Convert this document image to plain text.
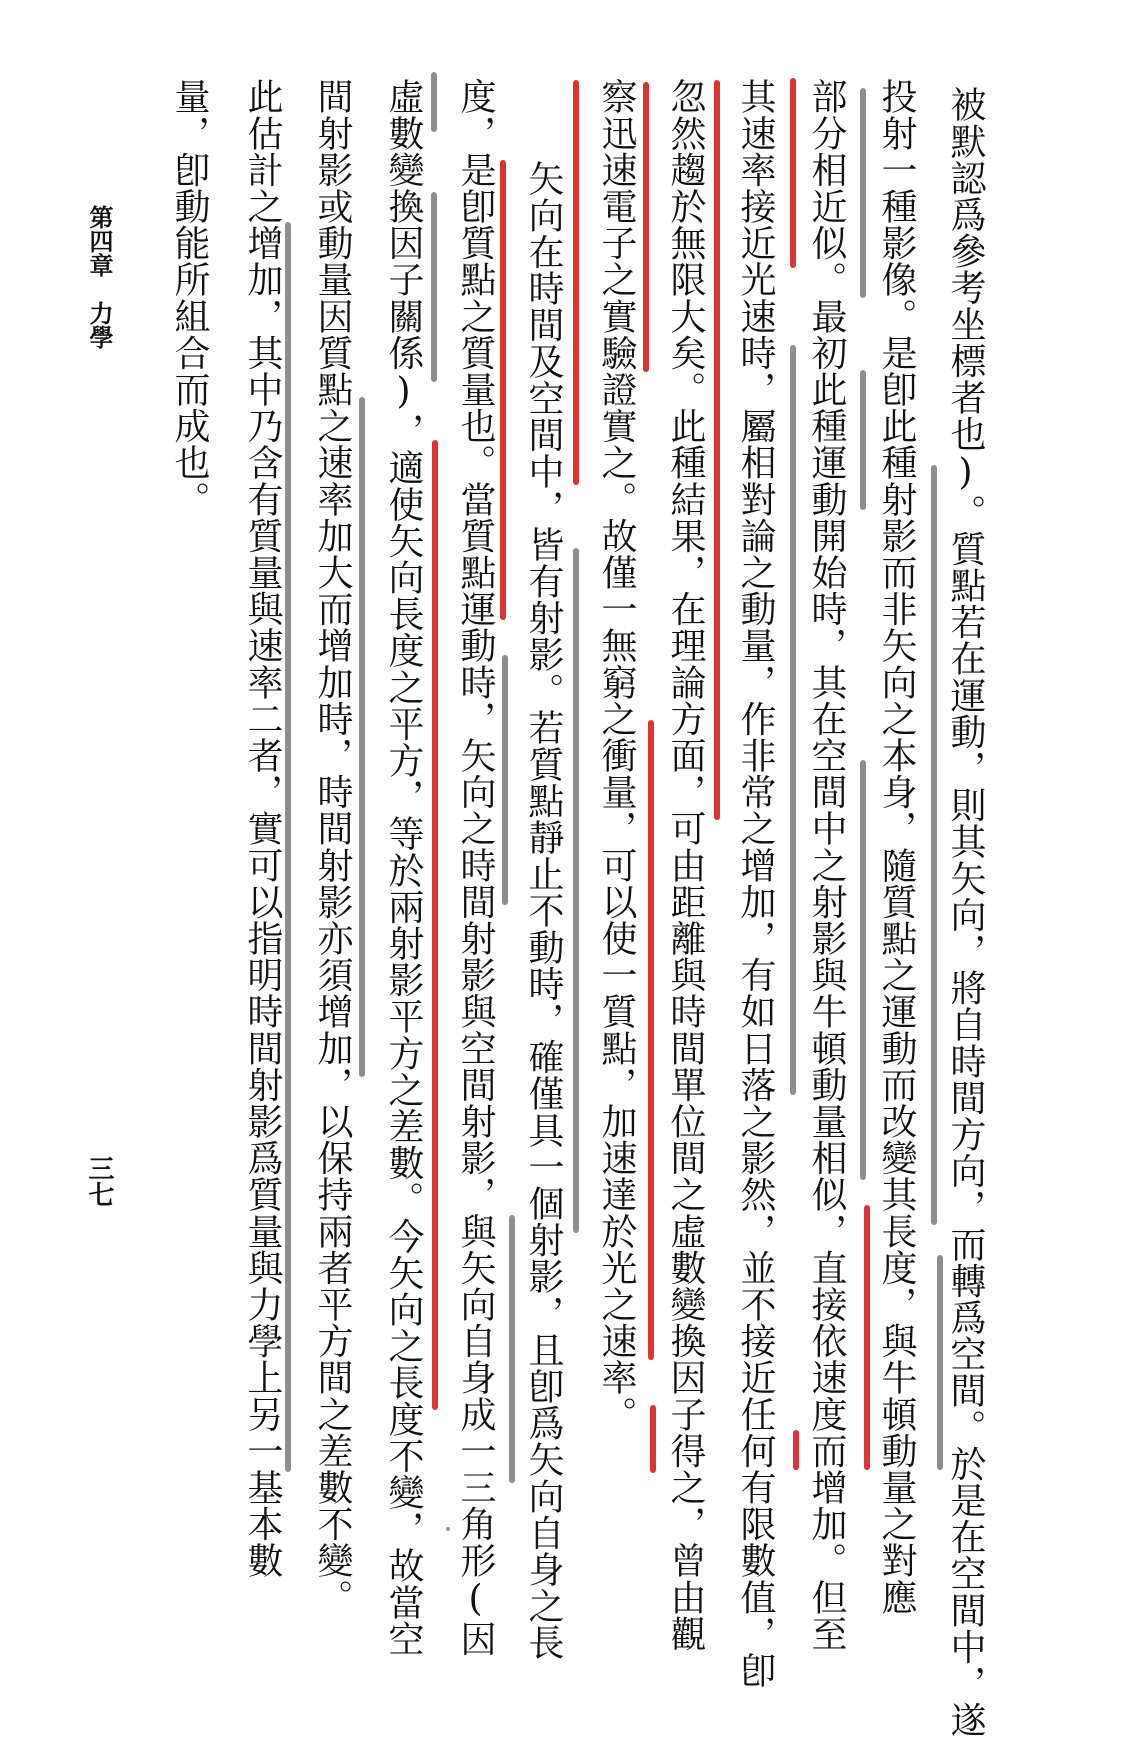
被默認爲參考坐標者也)。質點若在運動，則其矢向，將自時間方向，而轉爲空間。於是在空間中，遂
投射一種影像。是卽此種射影而非矢向之本身，隨質點之運動而改變其長度，與牛頓動量之對應
部分相近似。最初此種運動開始時，其在空間中之射影與牛頓動量相似，直接依速度而增加。但至
其速率接近光速時，屬相對論之動量，作非常之增加，有如日落之影然，並不接近任何有限數值，卽
忽然趨於無限大矣。此種結果，在理論方面，可由距離與時間單位間之虛數變換因子得之，曾由觀
察迅速電子之實驗證實之。故僅一無窮之衝量，可以使一質點，加速達於光之速率。
矢向在時間及空間中，皆有射影。若質點靜止不動時，確僅具一個射影，且卽爲矢向自身之長
度，是卽質點之質量也。當質點運動時，矢向之時間射影與空間射影，與矢向自身成一三角形(因
虛數變換因子關係)，適使矢向長度之平方，等於兩射影平方之差數。今矢向之長度不變，故當空
間射影或動量因質點之速率加大而增加時，時間射影亦須增加，以保持兩者平方間之差數不變。
此估計之增加，其中乃含有質量與速率二者，實可以指明時間射影爲質量與力學上另一基本數
量，卽動能所組合而成也。
第四章　力學
三七
